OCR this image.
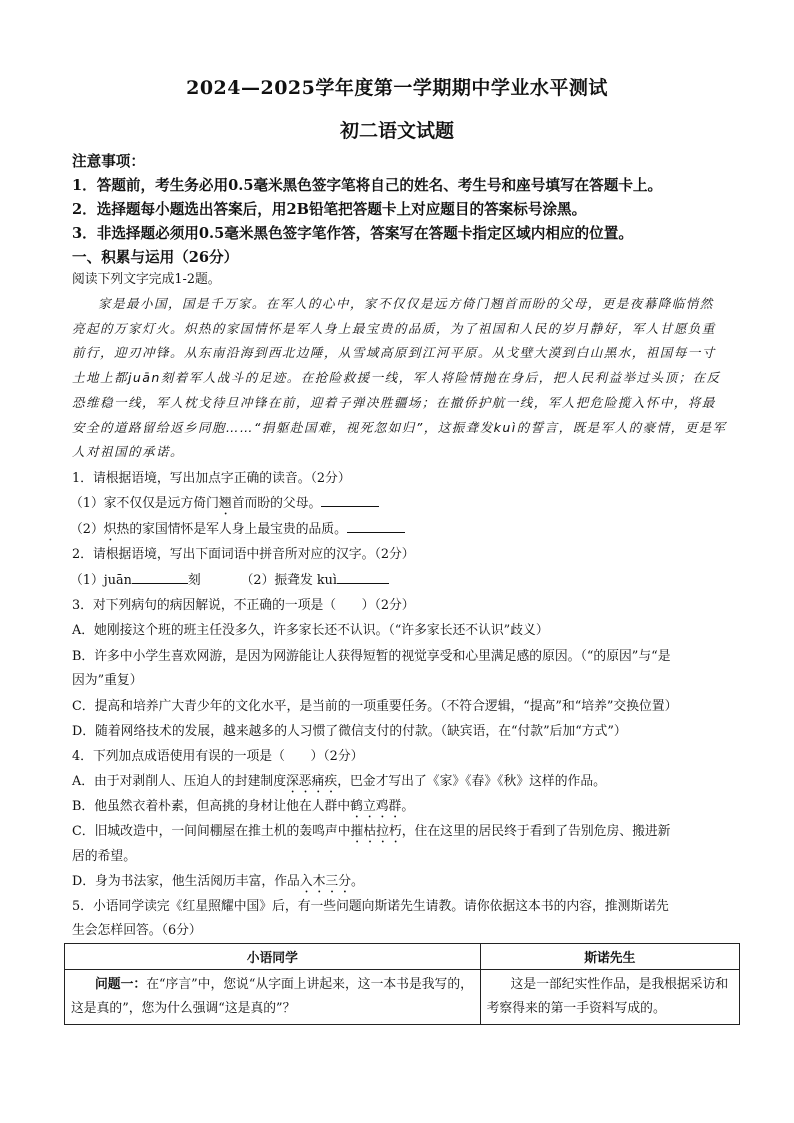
2024—2025学年度第一学期期中学业水平测试
初二语文试题
注意事项：
1．答题前，考生务必用0.5毫米黑色签字笔将自己的姓名、考生号和座号填写在答题卡上。
2．选择题每小题选出答案后，用2B铅笔把答题卡上对应题目的答案标号涂黑。
3．非选择题必须用0.5毫米黑色签字笔作答，答案写在答题卡指定区域内相应的位置。
一、积累与运用（26分）
阅读下列文字完成1-2题。
家是最小国，国是千万家。在军人的心中，家不仅仅是远方倚门翘首而盼的父母，更是夜幕降临悄然
亮起的万家灯火。炽热的家国情怀是军人身上最宝贵的品质，为了祖国和人民的岁月静好，军人甘愿负重
前行，迎刃冲锋。从东南沿海到西北边陲，从雪域高原到江河平原。从戈壁大漠到白山黑水，祖国每一寸
土地上都juān刻着军人战斗的足迹。在抢险救援一线，军人将险情抛在身后，把人民利益举过头顶；在反
恐维稳一线，军人枕戈待旦冲锋在前，迎着子弹决胜疆场；在撤侨护航一线，军人把危险揽入怀中，将最
安全的道路留给返乡同胞……“捐躯赴国难，视死忽如归”，这振聋发kuì的誓言，既是军人的豪情，更是军
人对祖国的承诺。
1．请根据语境，写出加点字正确的读音。（2分）
（1）家不仅仅是远方倚门翘首而盼的父母。
（2）炽热的家国情怀是军人身上最宝贵的品质。
2．请根据语境，写出下面词语中拼音所对应的汉字。（2分）
（1）juān	刻	（2）振聋发 kuì
3．对下列病句的病因解说，不正确的一项是（　　）（2分）
A．她刚接这个班的班主任没多久，许多家长还不认识。（“许多家长还不认识”歧义）
B．许多中小学生喜欢网游，是因为网游能让人获得短暂的视觉享受和心里满足感的原因。（“的原因”与“是
因为”重复）
C．提高和培养广大青少年的文化水平，是当前的一项重要任务。（不符合逻辑，“提高”和“培养”交换位置）
D．随着网络技术的发展，越来越多的人习惯了微信支付的付款。（缺宾语，在“付款”后加“方式”）
4．下列加点成语使用有误的一项是（　　）（2分）
A．由于对剥削人、压迫人的封建制度深恶痛疾，巴金才写出了《家》《春》《秋》这样的作品。
B．他虽然衣着朴素，但高挑的身材让他在人群中鹤立鸡群。
C．旧城改造中，一间间棚屋在推土机的轰鸣声中摧枯拉朽，住在这里的居民终于看到了告别危房、搬进新
居的希望。
D．身为书法家，他生活阅历丰富，作品入木三分。
5．小语同学读完《红星照耀中国》后，有一些问题向斯诺先生请教。请你依据这本书的内容，推测斯诺先
生会怎样回答。（6分）
小语同学	斯诺先生
问题一：在“序言”中，您说“从字面上讲起来，这一本书是我写的，这是真的”，您为什么强调“这是真的”？	这是一部纪实性作品，是我根据采访和考察得来的第一手资料写成的。
